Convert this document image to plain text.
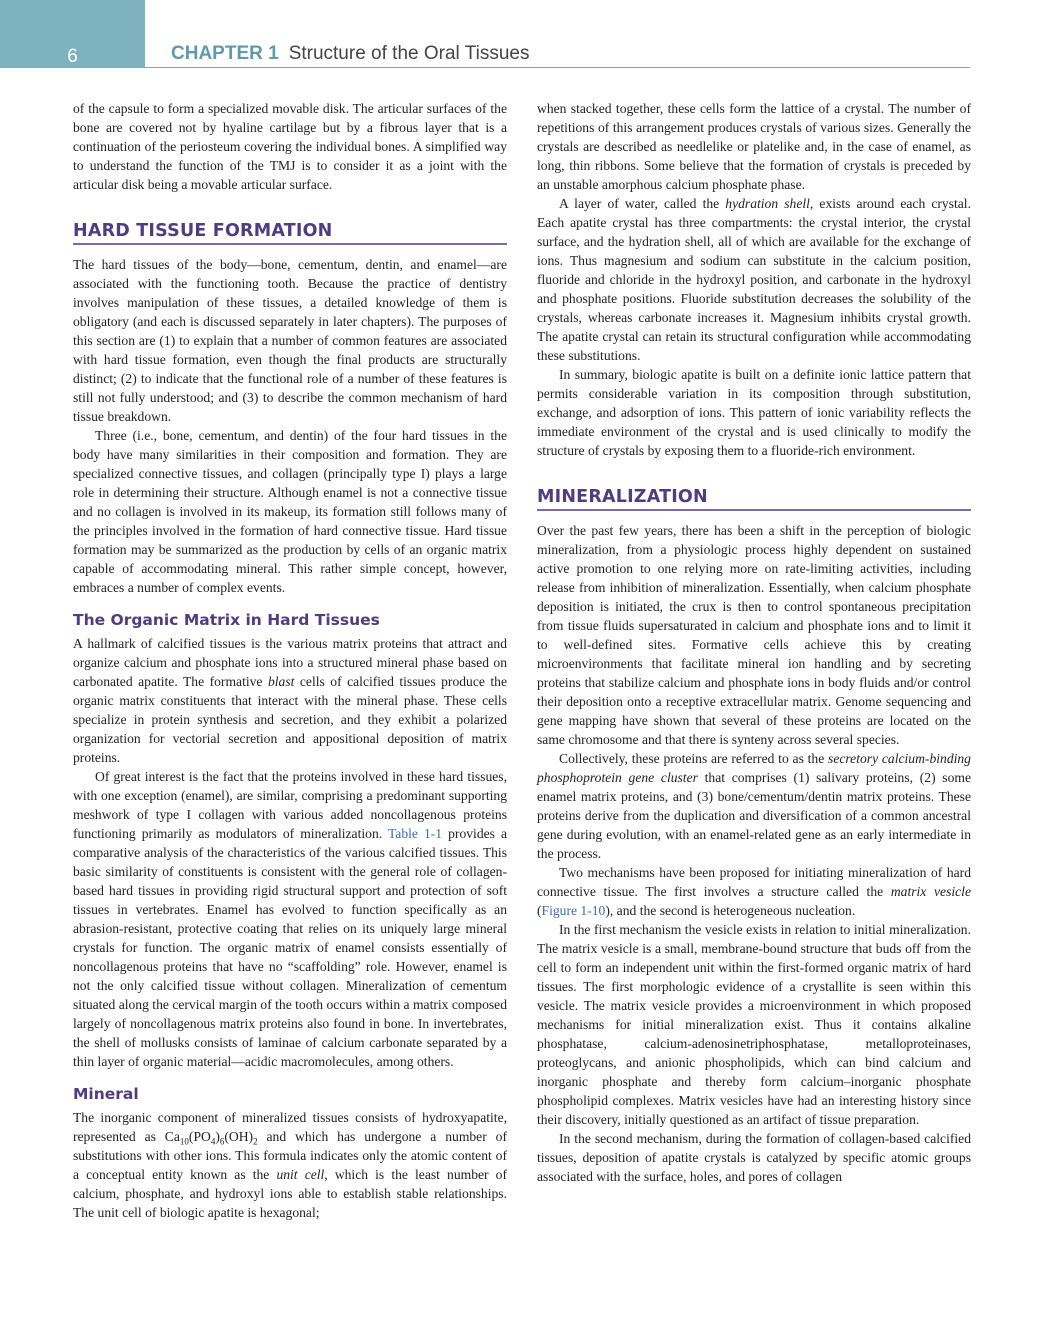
6	CHAPTER 1 Structure of the Oral Tissues

of the capsule to form a specialized movable disk. The articular surfaces of the bone are covered not by hyaline cartilage but by a fibrous layer that is a continuation of the periosteum covering the individual bones. A simplified way to understand the function of the TMJ is to consider it as a joint with the articular disk being a movable articular surface.

HARD TISSUE FORMATION

The hard tissues of the body—bone, cementum, dentin, and enamel—are associated with the functioning tooth. Because the practice of dentistry involves manipulation of these tissues, a detailed knowledge of them is obligatory (and each is discussed separately in later chapters). The purposes of this section are (1) to explain that a number of common features are associated with hard tissue formation, even though the final products are structurally distinct; (2) to indicate that the functional role of a number of these features is still not fully understood; and (3) to describe the common mechanism of hard tissue breakdown.

Three (i.e., bone, cementum, and dentin) of the four hard tissues in the body have many similarities in their composition and formation. They are specialized connective tissues, and collagen (principally type I) plays a large role in determining their structure. Although enamel is not a connective tissue and no collagen is involved in its makeup, its formation still follows many of the principles involved in the formation of hard connective tissue. Hard tissue formation may be summarized as the production by cells of an organic matrix capable of accommodating mineral. This rather simple concept, however, embraces a number of complex events.

The Organic Matrix in Hard Tissues

A hallmark of calcified tissues is the various matrix proteins that attract and organize calcium and phosphate ions into a structured mineral phase based on carbonated apatite. The formative blast cells of calcified tissues produce the organic matrix constituents that interact with the mineral phase. These cells specialize in protein synthesis and secretion, and they exhibit a polarized organization for vectorial secretion and appositional deposition of matrix proteins.

Of great interest is the fact that the proteins involved in these hard tissues, with one exception (enamel), are similar, comprising a predominant supporting meshwork of type I collagen with various added noncollagenous proteins functioning primarily as modulators of mineralization. Table 1-1 provides a comparative analysis of the characteristics of the various calcified tissues. This basic similarity of constituents is consistent with the general role of collagen-based hard tissues in providing rigid structural support and protection of soft tissues in vertebrates. Enamel has evolved to function specifically as an abrasion-resistant, protective coating that relies on its uniquely large mineral crystals for function. The organic matrix of enamel consists essentially of noncollagenous proteins that have no “scaffolding” role. However, enamel is not the only calcified tissue without collagen. Mineralization of cementum situated along the cervical margin of the tooth occurs within a matrix composed largely of noncollagenous matrix proteins also found in bone. In invertebrates, the shell of mollusks consists of laminae of calcium carbonate separated by a thin layer of organic material—acidic macromolecules, among others.

Mineral

The inorganic component of mineralized tissues consists of hydroxyapatite, represented as $Ca_{10}(PO_4)_6(OH)_2$ and which has undergone a number of substitutions with other ions. This formula indicates only the atomic content of a conceptual entity known as the unit cell, which is the least number of calcium, phosphate, and hydroxyl ions able to establish stable relationships. The unit cell of biologic apatite is hexagonal;

when stacked together, these cells form the lattice of a crystal. The number of repetitions of this arrangement produces crystals of various sizes. Generally the crystals are described as needlelike or platelike and, in the case of enamel, as long, thin ribbons. Some believe that the formation of crystals is preceded by an unstable amorphous calcium phosphate phase.

A layer of water, called the hydration shell, exists around each crystal. Each apatite crystal has three compartments: the crystal interior, the crystal surface, and the hydration shell, all of which are available for the exchange of ions. Thus magnesium and sodium can substitute in the calcium position, fluoride and chloride in the hydroxyl position, and carbonate in the hydroxyl and phosphate positions. Fluoride substitution decreases the solubility of the crystals, whereas carbonate increases it. Magnesium inhibits crystal growth. The apatite crystal can retain its structural configuration while accommodating these substitutions.

In summary, biologic apatite is built on a definite ionic lattice pattern that permits considerable variation in its composition through substitution, exchange, and adsorption of ions. This pattern of ionic variability reflects the immediate environment of the crystal and is used clinically to modify the structure of crystals by exposing them to a fluoride-rich environment.

MINERALIZATION

Over the past few years, there has been a shift in the perception of biologic mineralization, from a physiologic process highly dependent on sustained active promotion to one relying more on rate-limiting activities, including release from inhibition of mineralization. Essentially, when calcium phosphate deposition is initiated, the crux is then to control spontaneous precipitation from tissue fluids supersaturated in calcium and phosphate ions and to limit it to well-defined sites. Formative cells achieve this by creating microenvironments that facilitate mineral ion handling and by secreting proteins that stabilize calcium and phosphate ions in body fluids and/or control their deposition onto a receptive extracellular matrix. Genome sequencing and gene mapping have shown that several of these proteins are located on the same chromosome and that there is synteny across several species.

Collectively, these proteins are referred to as the secretory calcium-binding phosphoprotein gene cluster that comprises (1) salivary proteins, (2) some enamel matrix proteins, and (3) bone/cementum/dentin matrix proteins. These proteins derive from the duplication and diversification of a common ancestral gene during evolution, with an enamel-related gene as an early intermediate in the process.

Two mechanisms have been proposed for initiating mineralization of hard connective tissue. The first involves a structure called the matrix vesicle (Figure 1-10), and the second is heterogeneous nucleation.

In the first mechanism the vesicle exists in relation to initial mineralization. The matrix vesicle is a small, membrane-bound structure that buds off from the cell to form an independent unit within the first-formed organic matrix of hard tissues. The first morphologic evidence of a crystallite is seen within this vesicle. The matrix vesicle provides a microenvironment in which proposed mechanisms for initial mineralization exist. Thus it contains alkaline phosphatase, calcium-adenosinetriphosphatase, metalloproteinases, proteoglycans, and anionic phospholipids, which can bind calcium and inorganic phosphate and thereby form calcium–inorganic phosphate phospholipid complexes. Matrix vesicles have had an interesting history since their discovery, initially questioned as an artifact of tissue preparation.

In the second mechanism, during the formation of collagen-based calcified tissues, deposition of apatite crystals is catalyzed by specific atomic groups associated with the surface, holes, and pores of collagen
